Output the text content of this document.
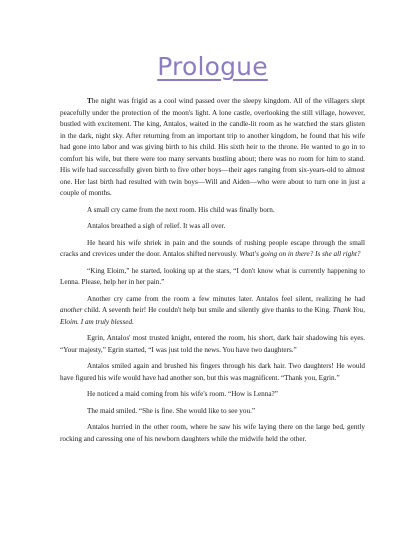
Prologue

The night was frigid as a cool wind passed over the sleepy kingdom. All of the villagers slept peacefully under the protection of the moon's light. A lone castle, overlooking the still village, however, bustled with excitement. The king, Antalos, waited in the candle-lit room as he watched the stars glisten in the dark, night sky. After returning from an important trip to another kingdom, he found that his wife had gone into labor and was giving birth to his child. His sixth heir to the throne. He wanted to go in to comfort his wife, but there were too many servants bustling about; there was no room for him to stand. His wife had successfully given birth to five other boys—their ages ranging from six-years-old to almost one. Her last birth had resulted with twin boys—Will and Aiden—who were about to turn one in just a couple of months.

A small cry came from the next room. His child was finally born.

Antalos breathed a sigh of relief. It was all over.

He heard his wife shriek in pain and the sounds of rushing people escape through the small cracks and crevices under the door. Antalos shifted nervously. What's going on in there? Is she all right?

“King Eloim,” he started, looking up at the stars, “I don't know what is currently happening to Lenna. Please, help her in her pain.”

Another cry came from the room a few minutes later. Antalos feel silent, realizing he had another child. A seventh heir! He couldn't help but smile and silently give thanks to the King. Thank You, Eloim. I am truly blessed.

Egrin, Antalos' most trusted knight, entered the room, his short, dark hair shadowing his eyes. “Your majesty,” Egrin started, “I was just told the news. You have two daughters.”

Antalos smiled again and brushed his fingers through his dark hair. Two daughters! He would have figured his wife would have had another son, but this was magnificent. “Thank you, Egrin.”

He noticed a maid coming from his wife's room. “How is Lenna?”

The maid smiled. “She is fine. She would like to see you.”

Antalos hurried in the other room, where he saw his wife laying there on the large bed, gently rocking and caressing one of his newborn daughters while the midwife held the other.
